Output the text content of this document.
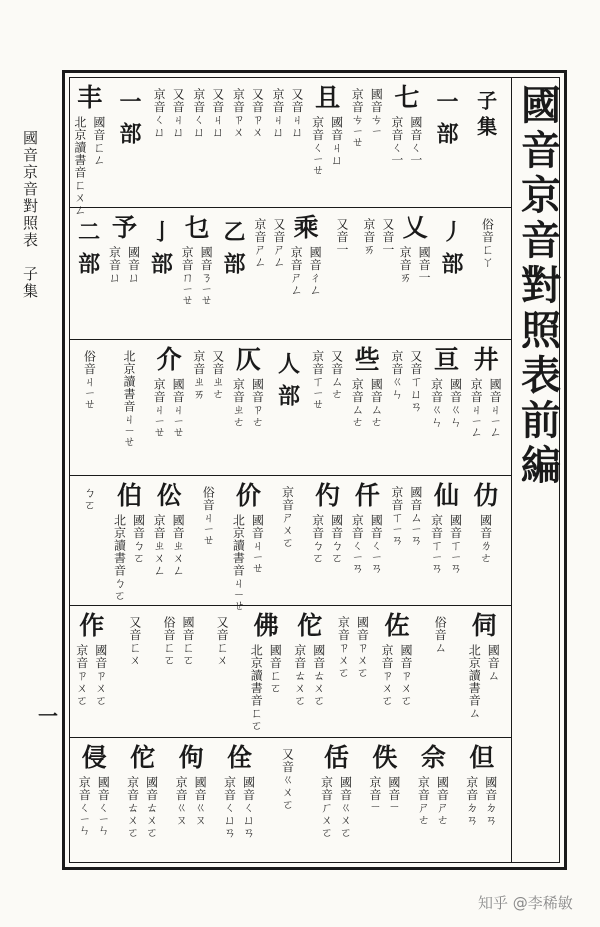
國音京音對照表　子集
一
國音京音對照表前編
子集
一部
七
國音ㄑ一
京音ㄑ一
國音ㄘㄧ
京音ㄘㄧㄝ
且
國音ㄐㄩ
京音ㄑㄧㄝ
又音ㄐㄩ
京音ㄐㄩ
又音ㄗㄨ
京音ㄗㄨ
又音ㄐㄩ
京音ㄑㄩ
又音ㄐㄩ
京音ㄑㄩ
一部
丰
國音ㄈㄥ
北京讀書音ㄈㄨㄥ
俗音ㄈㄚ
丿部
乂
國音一
京音ㄞ
又音一
京音ㄞ
又音一
乘
國音ㄔㄥ
京音ㄕㄥ
又音ㄕㄥ
京音ㄕㄥ
乙部
乜
國音ㄋㄧㄝ
京音ㄇㄧㄝ
亅部
予
國音ㄩ
京音ㄩ
二部
井
國音ㄐㄧㄥ
京音ㄐㄧㄥ
亘
國音ㄍㄣ
京音ㄍㄣ
又音ㄒㄩㄢ
京音ㄍㄣ
些
國音ㄙㄜ
京音ㄙㄜ
又音ㄙㄜ
京音ㄒㄧㄝ
人部
仄
國音ㄗㄜ
京音ㄓㄜ
又音ㄓㄜ
京音ㄓㄞ
介
國音ㄐㄧㄝ
京音ㄐㄧㄝ
北京讀書音ㄐㄧㄝ
俗音ㄐㄧㄝ
仂
國音ㄌㄜ
仙
國音ㄒㄧㄢ
京音ㄒㄧㄢ
國音ㄙㄧㄢ
京音ㄒㄧㄢ
仟
國音ㄑㄧㄢ
京音ㄑㄧㄢ
仢
國音ㄅㄛ
京音ㄅㄛ
京音ㄕㄨㄛ
价
國音ㄐㄧㄝ
北京讀書音ㄐㄧㄝ
俗音ㄐㄧㄝ
伀
國音ㄓㄨㄥ
京音ㄓㄨㄥ
伯
國音ㄅㄛ
北京讀書音ㄅㄛ
ㄅㄛ
伺
國音ㄙ
北京讀書音ㄙ
俗音ㄙ
佐
國音ㄗㄨㄛ
京音ㄗㄨㄛ
國音ㄗㄨㄛ
京音ㄗㄨㄛ
佗
國音ㄊㄨㄛ
京音ㄊㄨㄛ
佛
國音ㄈㄛ
北京讀書音ㄈㄛ
又音ㄈㄨ
國音ㄈㄛ
俗音ㄈㄛ
又音ㄈㄨ
作
國音ㄗㄨㄛ
京音ㄗㄨㄛ
但
國音ㄉㄢ
京音ㄉㄢ
佘
國音ㄕㄜ
京音ㄕㄜ
佚
國音ㄧ
京音ㄧ
佸
國音ㄍㄨㄛ
京音ㄏㄨㄛ
又音ㄍㄨㄛ
佺
國音ㄑㄩㄢ
京音ㄑㄩㄢ
佝
國音ㄍㄡ
京音ㄍㄡ
佗
國音ㄊㄨㄛ
京音ㄊㄨㄛ
侵
國音ㄑㄧㄣ
京音ㄑㄧㄣ
知乎 @李稀敏
